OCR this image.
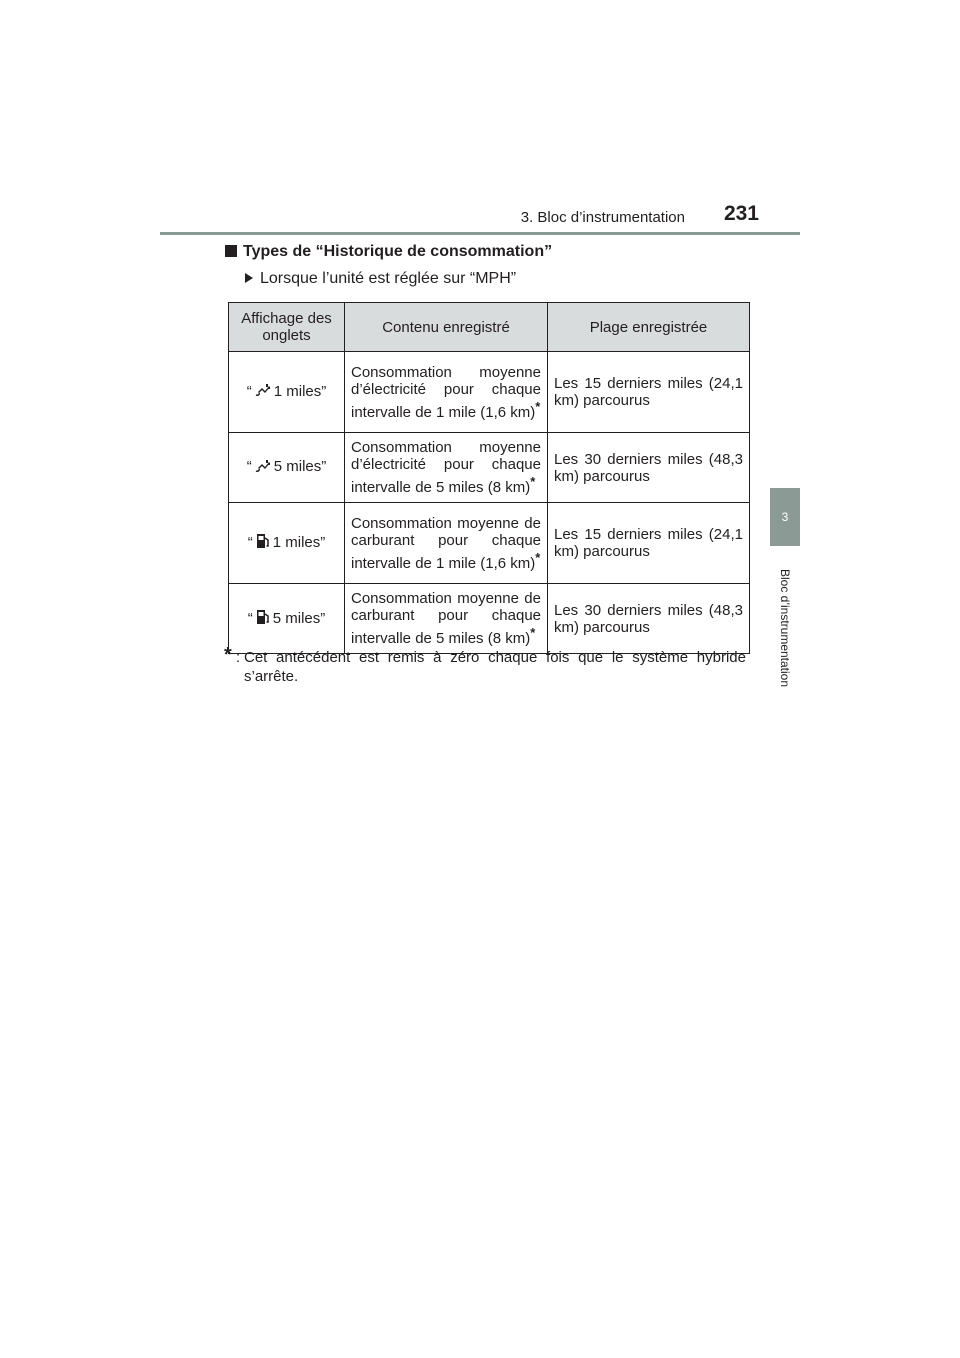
3. Bloc d’instrumentation 231
3
Bloc d’instrumentation
Types de “Historique de consommation”
Lorsque l’unité est réglée sur “MPH”
Affichage des onglets	Contenu enregistré	Plage enregistrée
“ 1 miles”	Consommation moyenne d’électricité pour chaque intervalle de 1 mile (1,6 km)*	Les 15 derniers miles (24,1 km) parcourus
“ 5 miles”	Consommation moyenne d’électricité pour chaque intervalle de 5 miles (8 km)*	Les 30 derniers miles (48,3 km) parcourus
“ 1 miles”	Consommation moyenne de carburant pour chaque intervalle de 1 mile (1,6 km)*	Les 15 derniers miles (24,1 km) parcourus
“ 5 miles”	Consommation moyenne de carburant pour chaque intervalle de 5 miles (8 km)*	Les 30 derniers miles (48,3 km) parcourus
* : Cet antécédent est remis à zéro chaque fois que le système hybride s’arrête.
